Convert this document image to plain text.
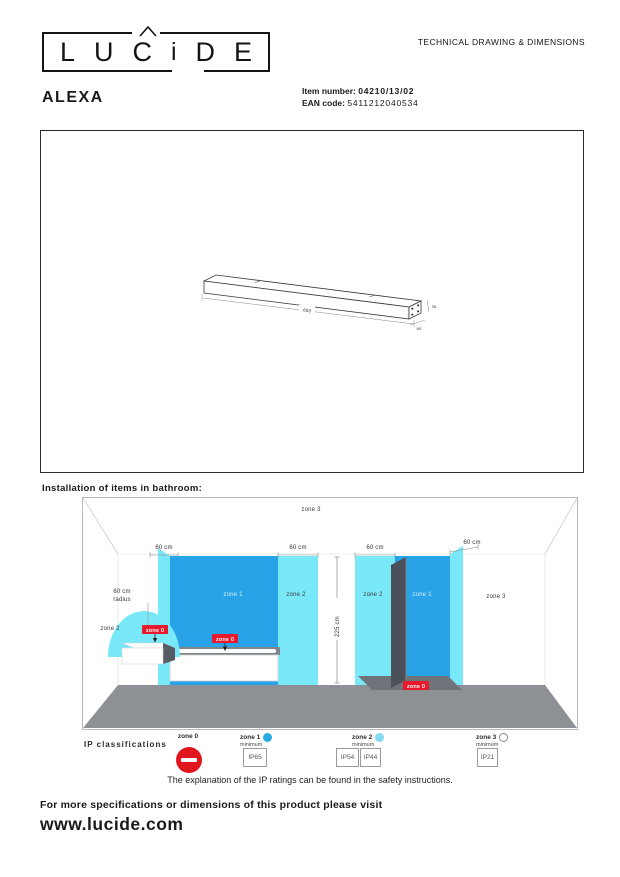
L U C i D E	TECHNICAL DRAWING & DIMENSIONS
ALEXA	Item number: 04210/13/02
EAN code: 5411212040534
600
35
80
Installation of items in bathroom:
zone 0
zone 0
zone 0
zone 3
zone 1	zone 2	zone 2	zone 1	zone 3
zone 2
60 cm
radius
60 cm	60 cm	60 cm
60 cm
225 cm
IP classifications
zone 0	zone 1
minimum
IP65
zone 2
minimum
IP54	IP44
zone 3
minimum
IP21
The explanation of the IP ratings can be found in the safety instructions.
For more specifications or dimensions of this product please visit
www.lucide.com
